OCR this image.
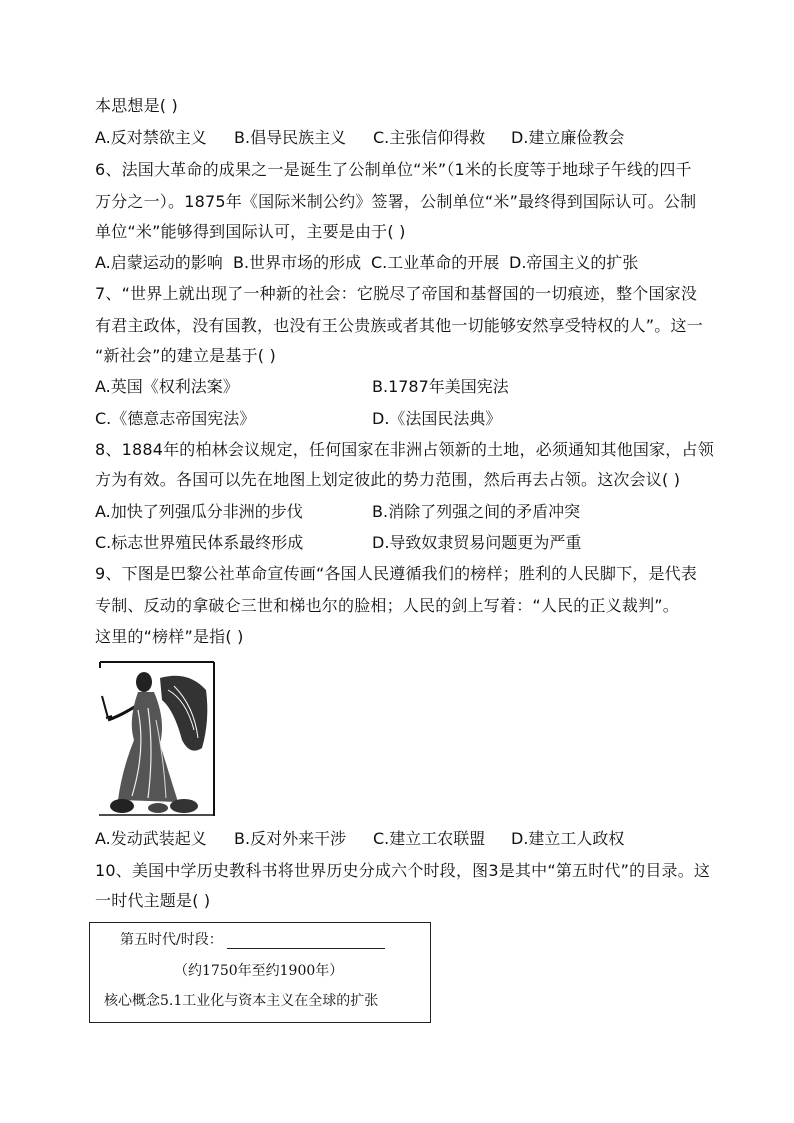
本思想是( )
A.反对禁欲主义 B.倡导民族主义 C.主张信仰得救 D.建立廉俭教会
6、法国大革命的成果之一是诞生了公制单位“米”（1米的长度等于地球子午线的四千
万分之一）。1875年《国际米制公约》签署，公制单位“米”最终得到国际认可。公制
单位“米”能够得到国际认可，主要是由于( )
A.启蒙运动的影响 B.世界市场的形成 C.工业革命的开展 D.帝国主义的扩张
7、“世界上就出现了一种新的社会：它脱尽了帝国和基督国的一切痕迹，整个国家没
有君主政体，没有国教，也没有王公贵族或者其他一切能够安然享受特权的人”。这一
“新社会”的建立是基于( )
A.英国《权利法案》	B.1787年美国宪法
C.《德意志帝国宪法》	D.《法国民法典》
8、1884年的柏林会议规定，任何国家在非洲占领新的土地，必须通知其他国家，占领
方为有效。各国可以先在地图上划定彼此的势力范围，然后再去占领。这次会议( )
A.加快了列强瓜分非洲的步伐	B.消除了列强之间的矛盾冲突
C.标志世界殖民体系最终形成	D.导致奴隶贸易问题更为严重
9、下图是巴黎公社革命宣传画“各国人民遵循我们的榜样；胜利的人民脚下，是代表
专制、反动的拿破仑三世和梯也尔的脸相；人民的剑上写着：“人民的正义裁判”。
这里的“榜样”是指( )
A.发动武装起义 B.反对外来干涉 C.建立工农联盟 D.建立工人政权
10、美国中学历史教科书将世界历史分成六个时段，图3是其中“第五时代”的目录。这
一时代主题是( )
第五时代/时段：
（约1750年至约1900年）
核心概念5.1工业化与资本主义在全球的扩张
